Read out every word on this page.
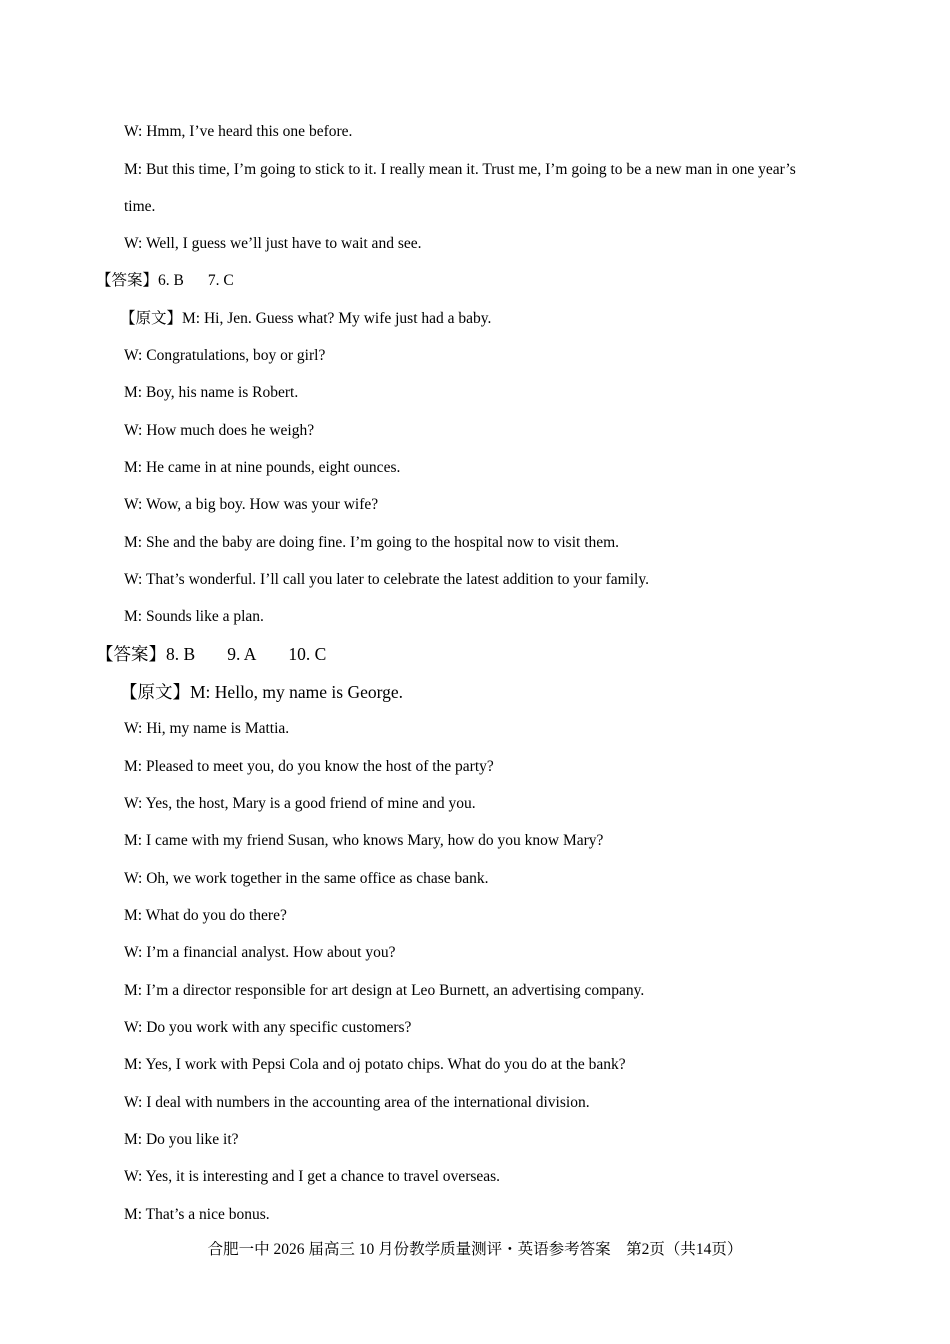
W: Hmm, I’ve heard this one before.
M: But this time, I’m going to stick to it. I really mean it. Trust me, I’m going to be a new man in one year’s
time.
W: Well, I guess we’ll just have to wait and see.
【答案】6. B 7. C
【原文】M: Hi, Jen. Guess what? My wife just had a baby.
W: Congratulations, boy or girl?
M: Boy, his name is Robert.
W: How much does he weigh?
M: He came in at nine pounds, eight ounces.
W: Wow, a big boy. How was your wife?
M: She and the baby are doing fine. I’m going to the hospital now to visit them.
W: That’s wonderful. I’ll call you later to celebrate the latest addition to your family.
M: Sounds like a plan.
【答案】8. B 9. A 10. C
【原文】M: Hello, my name is George.
W: Hi, my name is Mattia.
M: Pleased to meet you, do you know the host of the party?
W: Yes, the host, Mary is a good friend of mine and you.
M: I came with my friend Susan, who knows Mary, how do you know Mary?
W: Oh, we work together in the same office as chase bank.
M: What do you do there?
W: I’m a financial analyst. How about you?
M: I’m a director responsible for art design at Leo Burnett, an advertising company.
W: Do you work with any specific customers?
M: Yes, I work with Pepsi Cola and oj potato chips. What do you do at the bank?
W: I deal with numbers in the accounting area of the international division.
M: Do you like it?
W: Yes, it is interesting and I get a chance to travel overseas.
M: That’s a nice bonus.
合肥一中 2026 届高三 10 月份教学质量测评・英语参考答案　第2页（共14页）
